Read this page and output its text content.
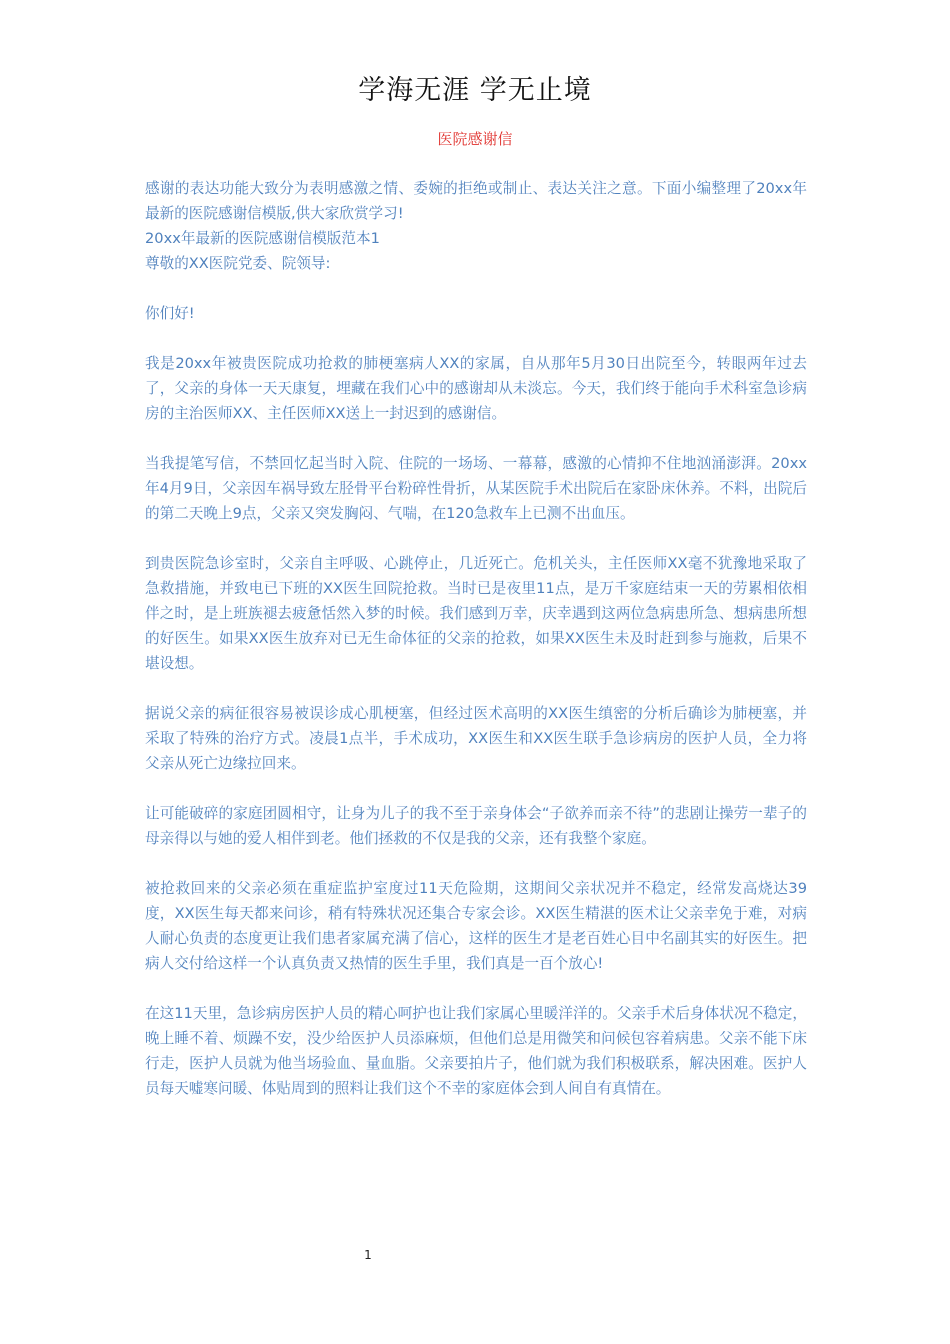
学海无涯 学无止境
医院感谢信

感谢的表达功能大致分为表明感激之情、委婉的拒绝或制止、表达关注之意。下面小编整理了20xx年最新的医院感谢信模版,供大家欣赏学习!

20xx年最新的医院感谢信模版范本1

尊敬的XX医院党委、院领导:

你们好!

我是20xx年被贵医院成功抢救的肺梗塞病人XX的家属，自从那年5月30日出院至今，转眼两年过去了，父亲的身体一天天康复，埋藏在我们心中的感谢却从未淡忘。今天，我们终于能向手术科室急诊病房的主治医师XX、主任医师XX送上一封迟到的感谢信。

当我提笔写信，不禁回忆起当时入院、住院的一场场、一幕幕，感激的心情抑不住地汹涌澎湃。20xx年4月9日，父亲因车祸导致左胫骨平台粉碎性骨折，从某医院手术出院后在家卧床休养。不料，出院后的第二天晚上9点，父亲又突发胸闷、气喘，在120急救车上已测不出血压。

到贵医院急诊室时，父亲自主呼吸、心跳停止，几近死亡。危机关头，主任医师XX毫不犹豫地采取了急救措施，并致电已下班的XX医生回院抢救。当时已是夜里11点，是万千家庭结束一天的劳累相依相伴之时，是上班族褪去疲惫恬然入梦的时候。我们感到万幸，庆幸遇到这两位急病患所急、想病患所想的好医生。如果XX医生放弃对已无生命体征的父亲的抢救，如果XX医生未及时赶到参与施救，后果不堪设想。

据说父亲的病征很容易被误诊成心肌梗塞，但经过医术高明的XX医生缜密的分析后确诊为肺梗塞，并采取了特殊的治疗方式。凌晨1点半，手术成功，XX医生和XX医生联手急诊病房的医护人员，全力将父亲从死亡边缘拉回来。

让可能破碎的家庭团圆相守，让身为儿子的我不至于亲身体会“子欲养而亲不待”的悲剧让操劳一辈子的母亲得以与她的爱人相伴到老。他们拯救的不仅是我的父亲，还有我整个家庭。

被抢救回来的父亲必须在重症监护室度过11天危险期，这期间父亲状况并不稳定，经常发高烧达39度，XX医生每天都来问诊，稍有特殊状况还集合专家会诊。XX医生精湛的医术让父亲幸免于难，对病人耐心负责的态度更让我们患者家属充满了信心，这样的医生才是老百姓心目中名副其实的好医生。把病人交付给这样一个认真负责又热情的医生手里，我们真是一百个放心!

在这11天里，急诊病房医护人员的精心呵护也让我们家属心里暖洋洋的。父亲手术后身体状况不稳定，晚上睡不着、烦躁不安，没少给医护人员添麻烦，但他们总是用微笑和问候包容着病患。父亲不能下床行走，医护人员就为他当场验血、量血脂。父亲要拍片子，他们就为我们积极联系，解决困难。医护人员每天嘘寒问暖、体贴周到的照料让我们这个不幸的家庭体会到人间自有真情在。

1
